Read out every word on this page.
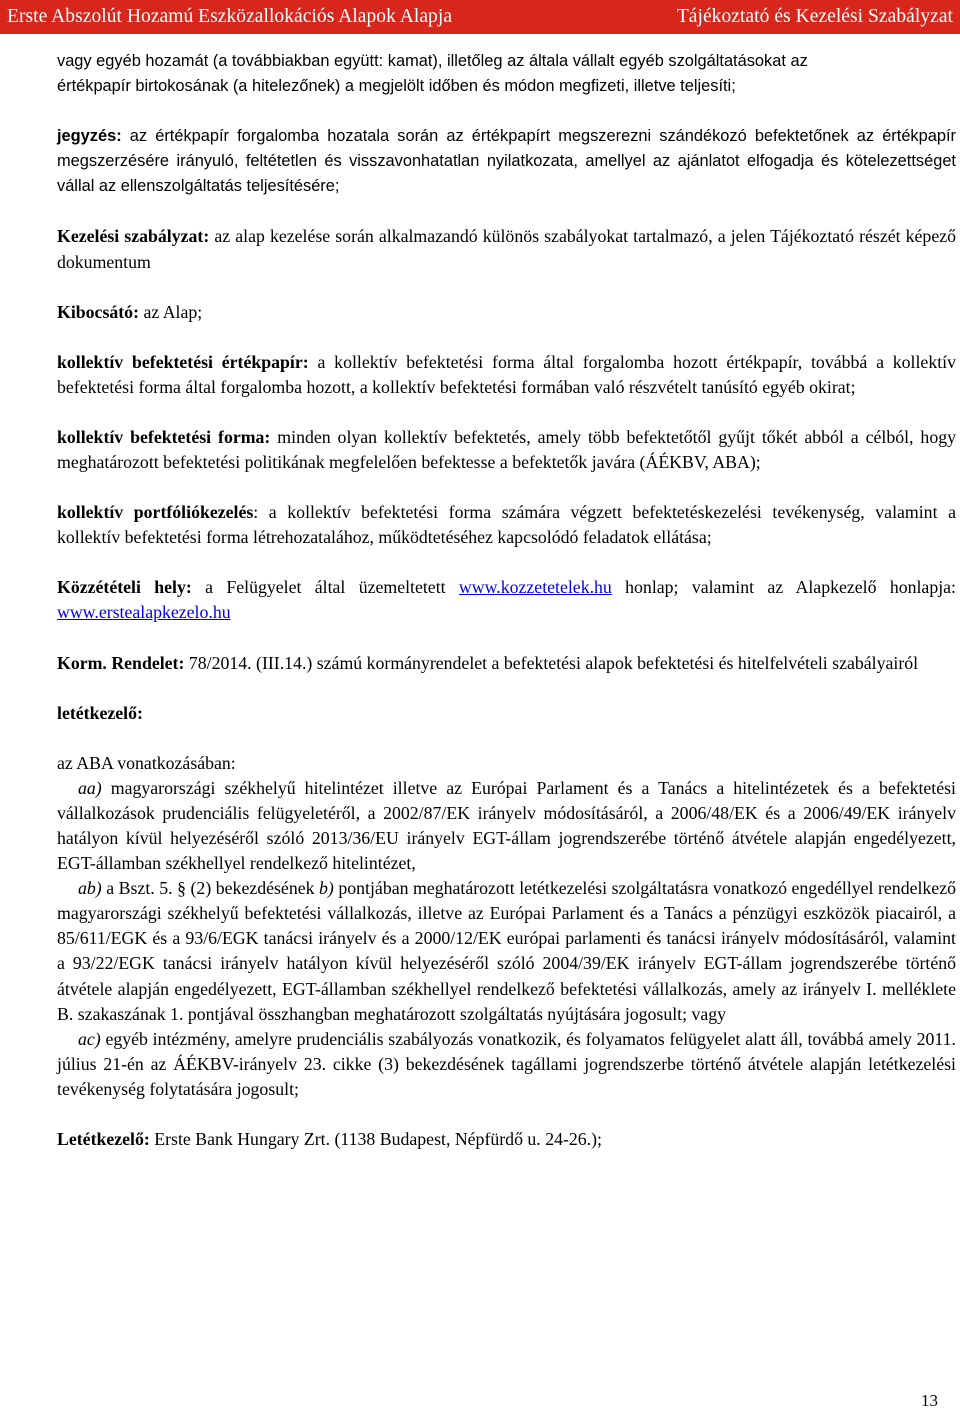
Erste Abszolút Hozamú Eszközallokációs Alapok Alapja	Tájékoztató és Kezelési Szabályzat

vagy egyéb hozamát (a továbbiakban együtt: kamat), illetőleg az általa vállalt egyéb szolgáltatásokat az
értékpapír birtokosának (a hitelezőnek) a megjelölt időben és módon megfizeti, illetve teljesíti;

jegyzés: az értékpapír forgalomba hozatala során az értékpapírt megszerezni szándékozó befektetőnek az értékpapír megszerzésére irányuló, feltétetlen és visszavonhatatlan nyilatkozata, amellyel az ajánlatot elfogadja és kötelezettséget vállal az ellenszolgáltatás teljesítésére;

Kezelési szabályzat: az alap kezelése során alkalmazandó különös szabályokat tartalmazó, a jelen Tájékoztató részét képező dokumentum

Kibocsátó: az Alap;

kollektív befektetési értékpapír: a kollektív befektetési forma által forgalomba hozott értékpapír, továbbá a kollektív befektetési forma által forgalomba hozott, a kollektív befektetési formában való részvételt tanúsító egyéb okirat;

kollektív befektetési forma: minden olyan kollektív befektetés, amely több befektetőtől gyűjt tőkét abból a célból, hogy meghatározott befektetési politikának megfelelően befektesse a befektetők javára (ÁÉKBV, ABA);

kollektív portfóliókezelés: a kollektív befektetési forma számára végzett befektetéskezelési tevékenység, valamint a kollektív befektetési forma létrehozatalához, működtetéséhez kapcsolódó feladatok ellátása;

Közzétételi hely: a Felügyelet által üzemeltetett www.kozzetetelek.hu honlap; valamint az Alapkezelő honlapja: www.erstealapkezelo.hu

Korm. Rendelet: 78/2014. (III.14.) számú kormányrendelet a befektetési alapok befektetési és hitelfelvételi szabályairól

letétkezelő:

az ABA vonatkozásában:

aa) magyarországi székhelyű hitelintézet illetve az Európai Parlament és a Tanács a hitelintézetek és a befektetési vállalkozások prudenciális felügyeletéről, a 2002/87/EK irányelv módosításáról, a 2006/48/EK és a 2006/49/EK irányelv hatályon kívül helyezéséről szóló 2013/36/EU irányelv EGT-állam jogrendszerébe történő átvétele alapján engedélyezett, EGT-államban székhellyel rendelkező hitelintézet,

ab) a Bszt. 5. § (2) bekezdésének b) pontjában meghatározott letétkezelési szolgáltatásra vonatkozó engedéllyel rendelkező magyarországi székhelyű befektetési vállalkozás, illetve az Európai Parlament és a Tanács a pénzügyi eszközök piacairól, a 85/611/EGK és a 93/6/EGK tanácsi irányelv és a 2000/12/EK európai parlamenti és tanácsi irányelv módosításáról, valamint a 93/22/EGK tanácsi irányelv hatályon kívül helyezéséről szóló 2004/39/EK irányelv EGT-állam jogrendszerébe történő átvétele alapján engedélyezett, EGT-államban székhellyel rendelkező befektetési vállalkozás, amely az irányelv I. melléklete B. szakaszának 1. pontjával összhangban meghatározott szolgáltatás nyújtására jogosult; vagy

ac) egyéb intézmény, amelyre prudenciális szabályozás vonatkozik, és folyamatos felügyelet alatt áll, továbbá amely 2011. július 21-én az ÁÉKBV-irányelv 23. cikke (3) bekezdésének tagállami jogrendszerbe történő átvétele alapján letétkezelési tevékenység folytatására jogosult;

Letétkezelő: Erste Bank Hungary Zrt. (1138 Budapest, Népfürdő u. 24-26.);

13
